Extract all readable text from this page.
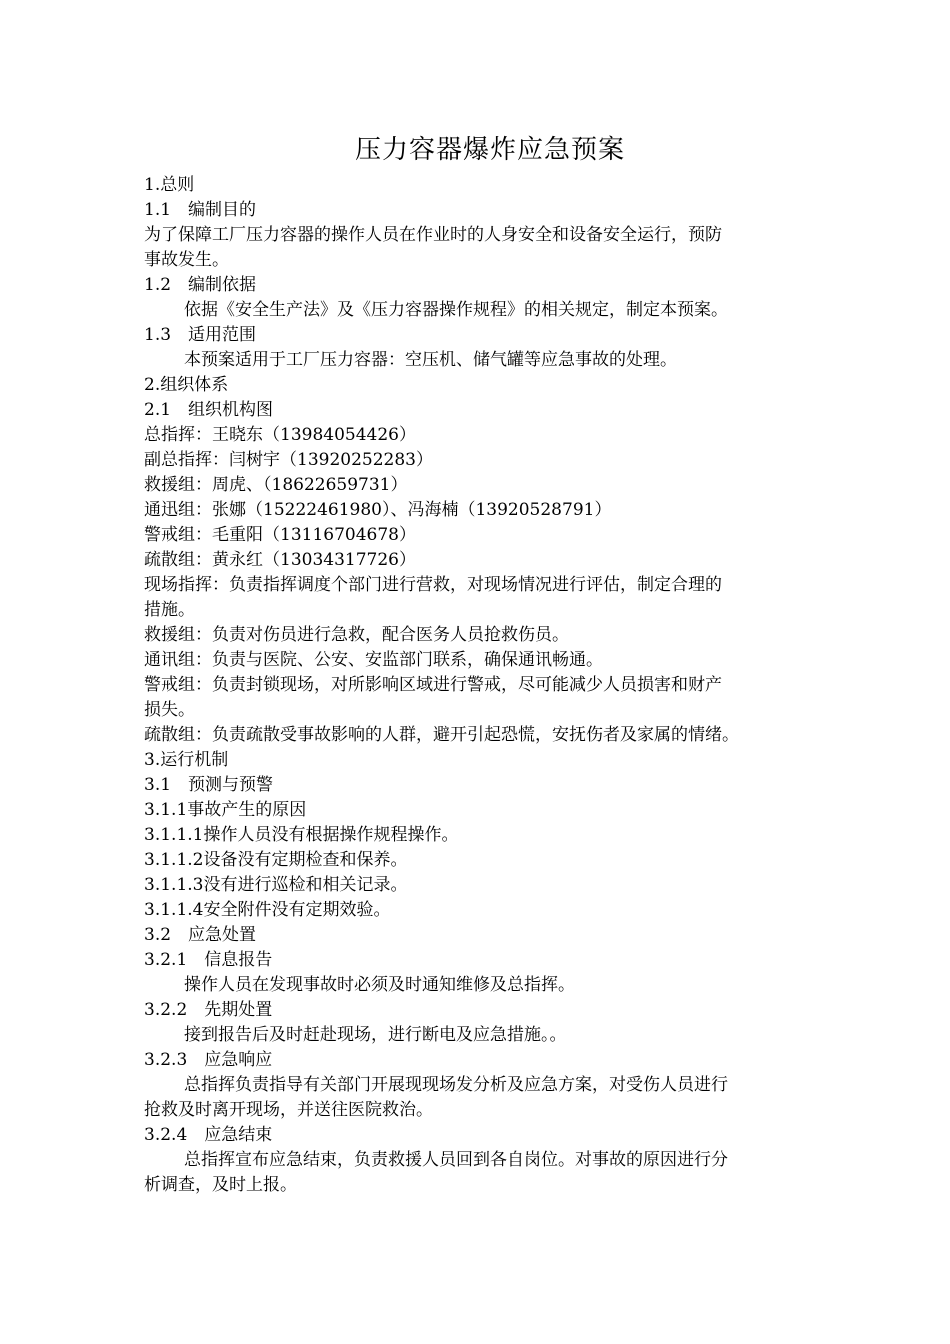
压力容器爆炸应急预案
1.总则
1.1　编制目的
为了保障工厂压力容器的操作人员在作业时的人身安全和设备安全运行，预防
事故发生。
1.2　编制依据
依据《安全生产法》及《压力容器操作规程》的相关规定，制定本预案。
1.3　适用范围
本预案适用于工厂压力容器：空压机、储气罐等应急事故的处理。
2.组织体系
2.1　组织机构图
总指挥：王晓东（13984054426）
副总指挥：闫树宇（13920252283）
救援组：周虎、（18622659731）
通迅组：张娜（15222461980）、冯海楠（13920528791）
警戒组：毛重阳（13116704678）
疏散组：黄永红（13034317726）
现场指挥：负责指挥调度个部门进行营救，对现场情况进行评估，制定合理的
措施。
救援组：负责对伤员进行急救，配合医务人员抢救伤员。
通讯组：负责与医院、公安、安监部门联系，确保通讯畅通。
警戒组：负责封锁现场，对所影响区域进行警戒，尽可能减少人员损害和财产
损失。
疏散组：负责疏散受事故影响的人群，避开引起恐慌，安抚伤者及家属的情绪。
3.运行机制
3.1　预测与预警
3.1.1事故产生的原因
3.1.1.1操作人员没有根据操作规程操作。
3.1.1.2设备没有定期检查和保养。
3.1.1.3没有进行巡检和相关记录。
3.1.1.4安全附件没有定期效验。
3.2　应急处置
3.2.1　信息报告
操作人员在发现事故时必须及时通知维修及总指挥。
3.2.2　先期处置
接到报告后及时赶赴现场，进行断电及应急措施。。
3.2.3　应急响应
总指挥负责指导有关部门开展现现场发分析及应急方案，对受伤人员进行
抢救及时离开现场，并送往医院救治。
3.2.4　应急结束
总指挥宣布应急结束，负责救援人员回到各自岗位。对事故的原因进行分
析调查，及时上报。
